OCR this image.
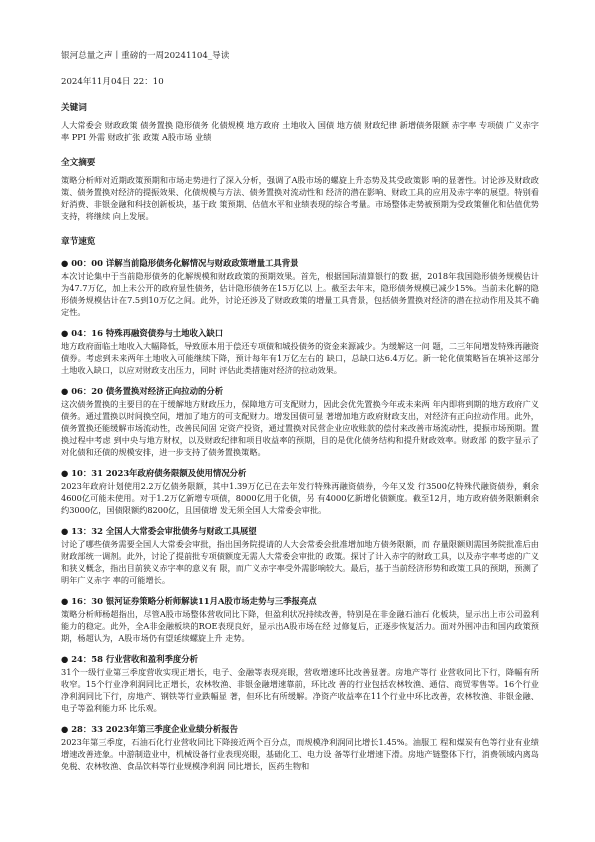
银河总量之声丨重磅的一周20241104_导读
2024年11月04日 22：10
关键词
人大常委会 财政政策 债务置换 隐形债务 化债规模 地方政府 土地收入 国债 地方债 财政纪律 新增债务限额 赤字率 专项债 广义赤字率 PPI 外需 财政扩张 政策 A股市场 业绩
全文摘要
策略分析师对近期政策预期和市场走势进行了深入分析，强调了A股市场的螺旋上升态势及其受政策影 响的显著性。讨论涉及财政政策、债务置换对经济的提振效果、化债规模与方法、债务置换对流动性和 经济的潜在影响、财政工具的应用及赤字率的展望。特别看好消费、非银金融和科技创新板块，基于政 策预期、估值水平和业绩表现的综合考量。市场整体走势被预期为受政策催化和估值优势支持，将继续 向上发展。
章节速览
● 00：00 详解当前隐形债务化解情况与财政政策增量工具背景
本次讨论集中于当前隐形债务的化解规模和财政政策的预期效果。首先，根据国际清算银行的数 据，2018年我国隐形债务规模估计为47.7万亿，加上未公开的政府显性债务，估计隐形债务在15万亿以 上。截至去年末，隐形债务规模已减少15%。当前未化解的隐形债务规模估计在7.5到10万亿之间。此外，讨论还涉及了财政政策的增量工具背景，包括债务置换对经济的潜在拉动作用及其不确定性。
● 04：16 特殊再融资债券与土地收入缺口
地方政府面临土地收入大幅降低，导致原本用于偿还专项债和城投债务的资金来源减少。为缓解这一问 题，二三年间增发特殊再融资债券。考虑到未来两年土地收入可能继续下降，预计每年有1万亿左右的 缺口，总缺口达6.4万亿。新一轮化债策略旨在填补这部分土地收入缺口，以应对财政支出压力，同时 评估此类措施对经济的拉动效果。
● 06：20 债务置换对经济正向拉动的分析
这次债务置换的主要目的在于缓解地方财政压力，保障地方可支配财力，因此会优先置换今年或未来两 年内即将到期的地方政府广义债务。通过置换以时间换空间，增加了地方的可支配财力。增发国债可显 著增加地方政府财政支出，对经济有正向拉动作用。此外，债务置换还能缓解市场流动性，改善民间固 定资产投资，通过置换对民营企业应收账款的偿付来改善市场流动性，提振市场预期。置换过程中考虑 到中央与地方财权，以及财政纪律和项目收益率的预期，目的是优化债务结构和提升财政效率。财政部 的数字显示了对化债和还债的规模安排，进一步支持了债务置换策略。
● 10：31 2023年政府债务限额及使用情况分析
2023年政府计划使用2.2万亿债务限额，其中1.39万亿已在去年发行特殊再融资债券，今年又发 行3500亿特殊代融资债券，剩余4600亿可能未使用。对于1.2万亿新增专项债，8000亿用于化债，另 有4000亿新增化债额度。截至12月，地方政府债务限额剩余约3000亿，国债限额约8200亿，且国债增 发无须全国人大常委会审批。
● 13：32 全国人大常委会审批债务与财政工具展望
讨论了哪些债务需要全国人大常委会审批，指出国务院提请的人大会常委会批准增加地方债务限额，而 存量限额则需国务院批准后由财政部统一调剂。此外，讨论了提前批专项债额度无需人大常委会审批的 政策。探讨了计入赤字的财政工具，以及赤字率考虑的广义和狭义概念，指出目前狭义赤字率的意义有 限，而广义赤字率受外需影响较大。最后，基于当前经济形势和政策工具的预期，预测了明年广义赤字 率的可能增长。
● 16：30 银河证券策略分析师解读11月A股市场走势与三季报亮点
策略分析师杨超指出，尽管A股市场整体营收同比下降，但盈利状况持续改善，特别是在非金融石油石 化板块，显示出上市公司盈利能力的稳定。此外，全A非金融板块的ROE表现良好，显示出A股市场在经 过修复后，正逐步恢复活力。面对外围冲击和国内政策预期，杨超认为，A股市场仍有望延续螺旋上升 走势。
● 24：58 行业营收和盈利季度分析
31个一级行业第三季度营收实现正增长，电子、金融等表现亮眼，营收增速环比改善显著。房地产等行 业营收同比下行，降幅有所收窄。15个行业净利润同比正增长，农林牧渔、非银金融增速靠前，环比改 善的行业包括农林牧渔、通信、商贸零售等。16个行业净利润同比下行，房地产、钢铁等行业跌幅显 著，但环比有所缓解。净资产收益率在11个行业中环比改善，农林牧渔、非银金融、电子等盈利能力环 比乐观。
● 28：33 2023年第三季度企业业绩分析报告
2023年第三季度，石油石化行业营收同比下降接近两个百分点，而规模净利润同比增长1.45%。油服工 程和煤炭有色等行业有业绩增速改善迹象。中游制造业中，机械设备行业表现亮眼，基础化工、电力设 备等行业增速下滑。房地产链整体下行，消费领域内离岛免税、农林牧渔、食品饮料等行业规模净利润 同比增长，医药生物和
